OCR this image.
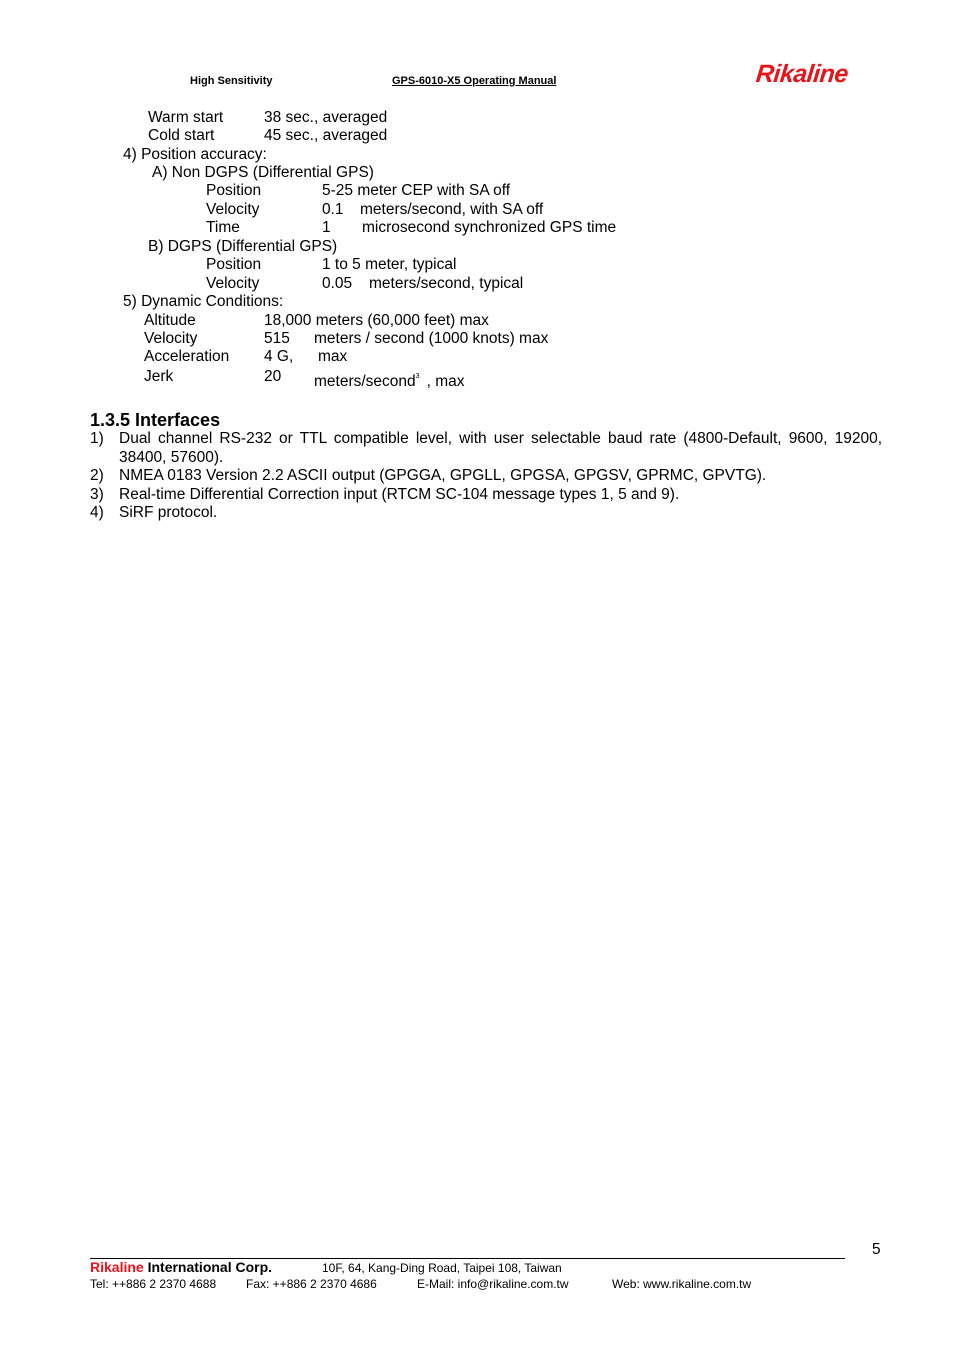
High Sensitivity	GPS-6010-X5 Operating Manual	Rikaline
Warm start	38 sec., averaged
Cold start	45 sec., averaged
4) Position accuracy:
A) Non DGPS (Differential GPS)
Position	5-25 meter CEP with SA off
Velocity	0.1 meters/second, with SA off
Time	1 microsecond synchronized GPS time
B) DGPS (Differential GPS)
Position	1 to 5 meter, typical
Velocity	0.05 meters/second, typical
5) Dynamic Conditions:
Altitude	18,000 meters (60,000 feet) max
Velocity	515 meters / second (1000 knots) max
Acceleration 4 G, max
Jerk	20 meters/second$^3$ , max
1.3.5 Interfaces

1) Dual channel RS-232 or TTL compatible level, with user selectable baud rate (4800-Default, 9600, 19200, 38400, 57600).

2) NMEA 0183 Version 2.2 ASCII output (GPGGA, GPGLL, GPGSA, GPGSV, GPRMC, GPVTG).

3) Real-time Differential Correction input (RTCM SC-104 message types 1, 5 and 9).

4) SiRF protocol.

5
Rikaline International Corp.	10F, 64, Kang-Ding Road, Taipei 108, Taiwan
Tel: ++886 2 2370 4688 Fax: ++886 2 2370 4686	E-Mail: info@rikaline.com.tw	Web: www.rikaline.com.tw
